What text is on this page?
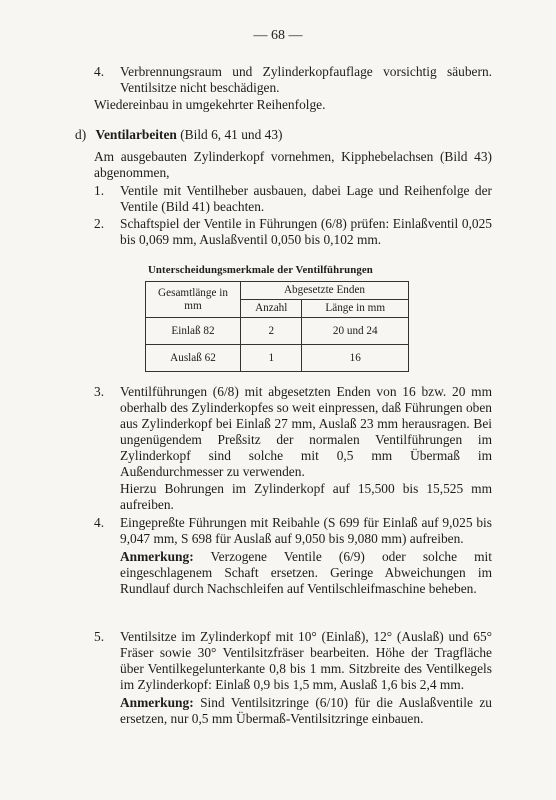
— 68 —
4. Verbrennungsraum und Zylinderkopfauflage vorsichtig säubern. Ventilsitze nicht beschädigen.
Wiedereinbau in umgekehrter Reihenfolge.
d) Ventilarbeiten (Bild 6, 41 und 43)
Am ausgebauten Zylinderkopf vornehmen, Kipphebelachsen (Bild 43) abgenommen,
1. Ventile mit Ventilheber ausbauen, dabei Lage und Reihenfolge der Ventile (Bild 41) beachten.
2. Schaftspiel der Ventile in Führungen (6/8) prüfen: Einlaßventil 0,025 bis 0,069 mm, Auslaßventil 0,050 bis 0,102 mm.
Unterscheidungsmerkmale der Ventilführungen
Gesamtlänge in mm	Abgesetzte Enden	
	Anzahl	Länge in mm
Einlaß 82	2	20 und 24
Auslaß 62	1	16
3. Ventilführungen (6/8) mit abgesetzten Enden von 16 bzw. 20 mm oberhalb des Zylinderkopfes so weit einpressen, daß Führungen oben aus Zylinderkopf bei Einlaß 27 mm, Auslaß 23 mm herausragen. Bei ungenügendem Preßsitz der normalen Ventilführungen im Zylinderkopf sind solche mit 0,5 mm Übermaß im Außendurchmesser zu verwenden.
Hierzu Bohrungen im Zylinderkopf auf 15,500 bis 15,525 mm aufreiben.
4. Eingepreßte Führungen mit Reibahle (S 699 für Einlaß auf 9,025 bis 9,047 mm, S 698 für Auslaß auf 9,050 bis 9,080 mm) aufreiben.
Anmerkung: Verzogene Ventile (6/9) oder solche mit eingeschlagenem Schaft ersetzen. Geringe Abweichungen im Rundlauf durch Nachschleifen auf Ventilschleifmaschine beheben.
5. Ventilsitze im Zylinderkopf mit 10° (Einlaß), 12° (Auslaß) und 65° Fräser sowie 30° Ventilsitzfräser bearbeiten. Höhe der Tragfläche über Ventilkegelunterkante 0,8 bis 1 mm. Sitzbreite des Ventilkegels im Zylinderkopf: Einlaß 0,9 bis 1,5 mm, Auslaß 1,6 bis 2,4 mm.
Anmerkung: Sind Ventilsitzringe (6/10) für die Auslaßventile zu ersetzen, nur 0,5 mm Übermaß-Ventilsitzringe einbauen.
